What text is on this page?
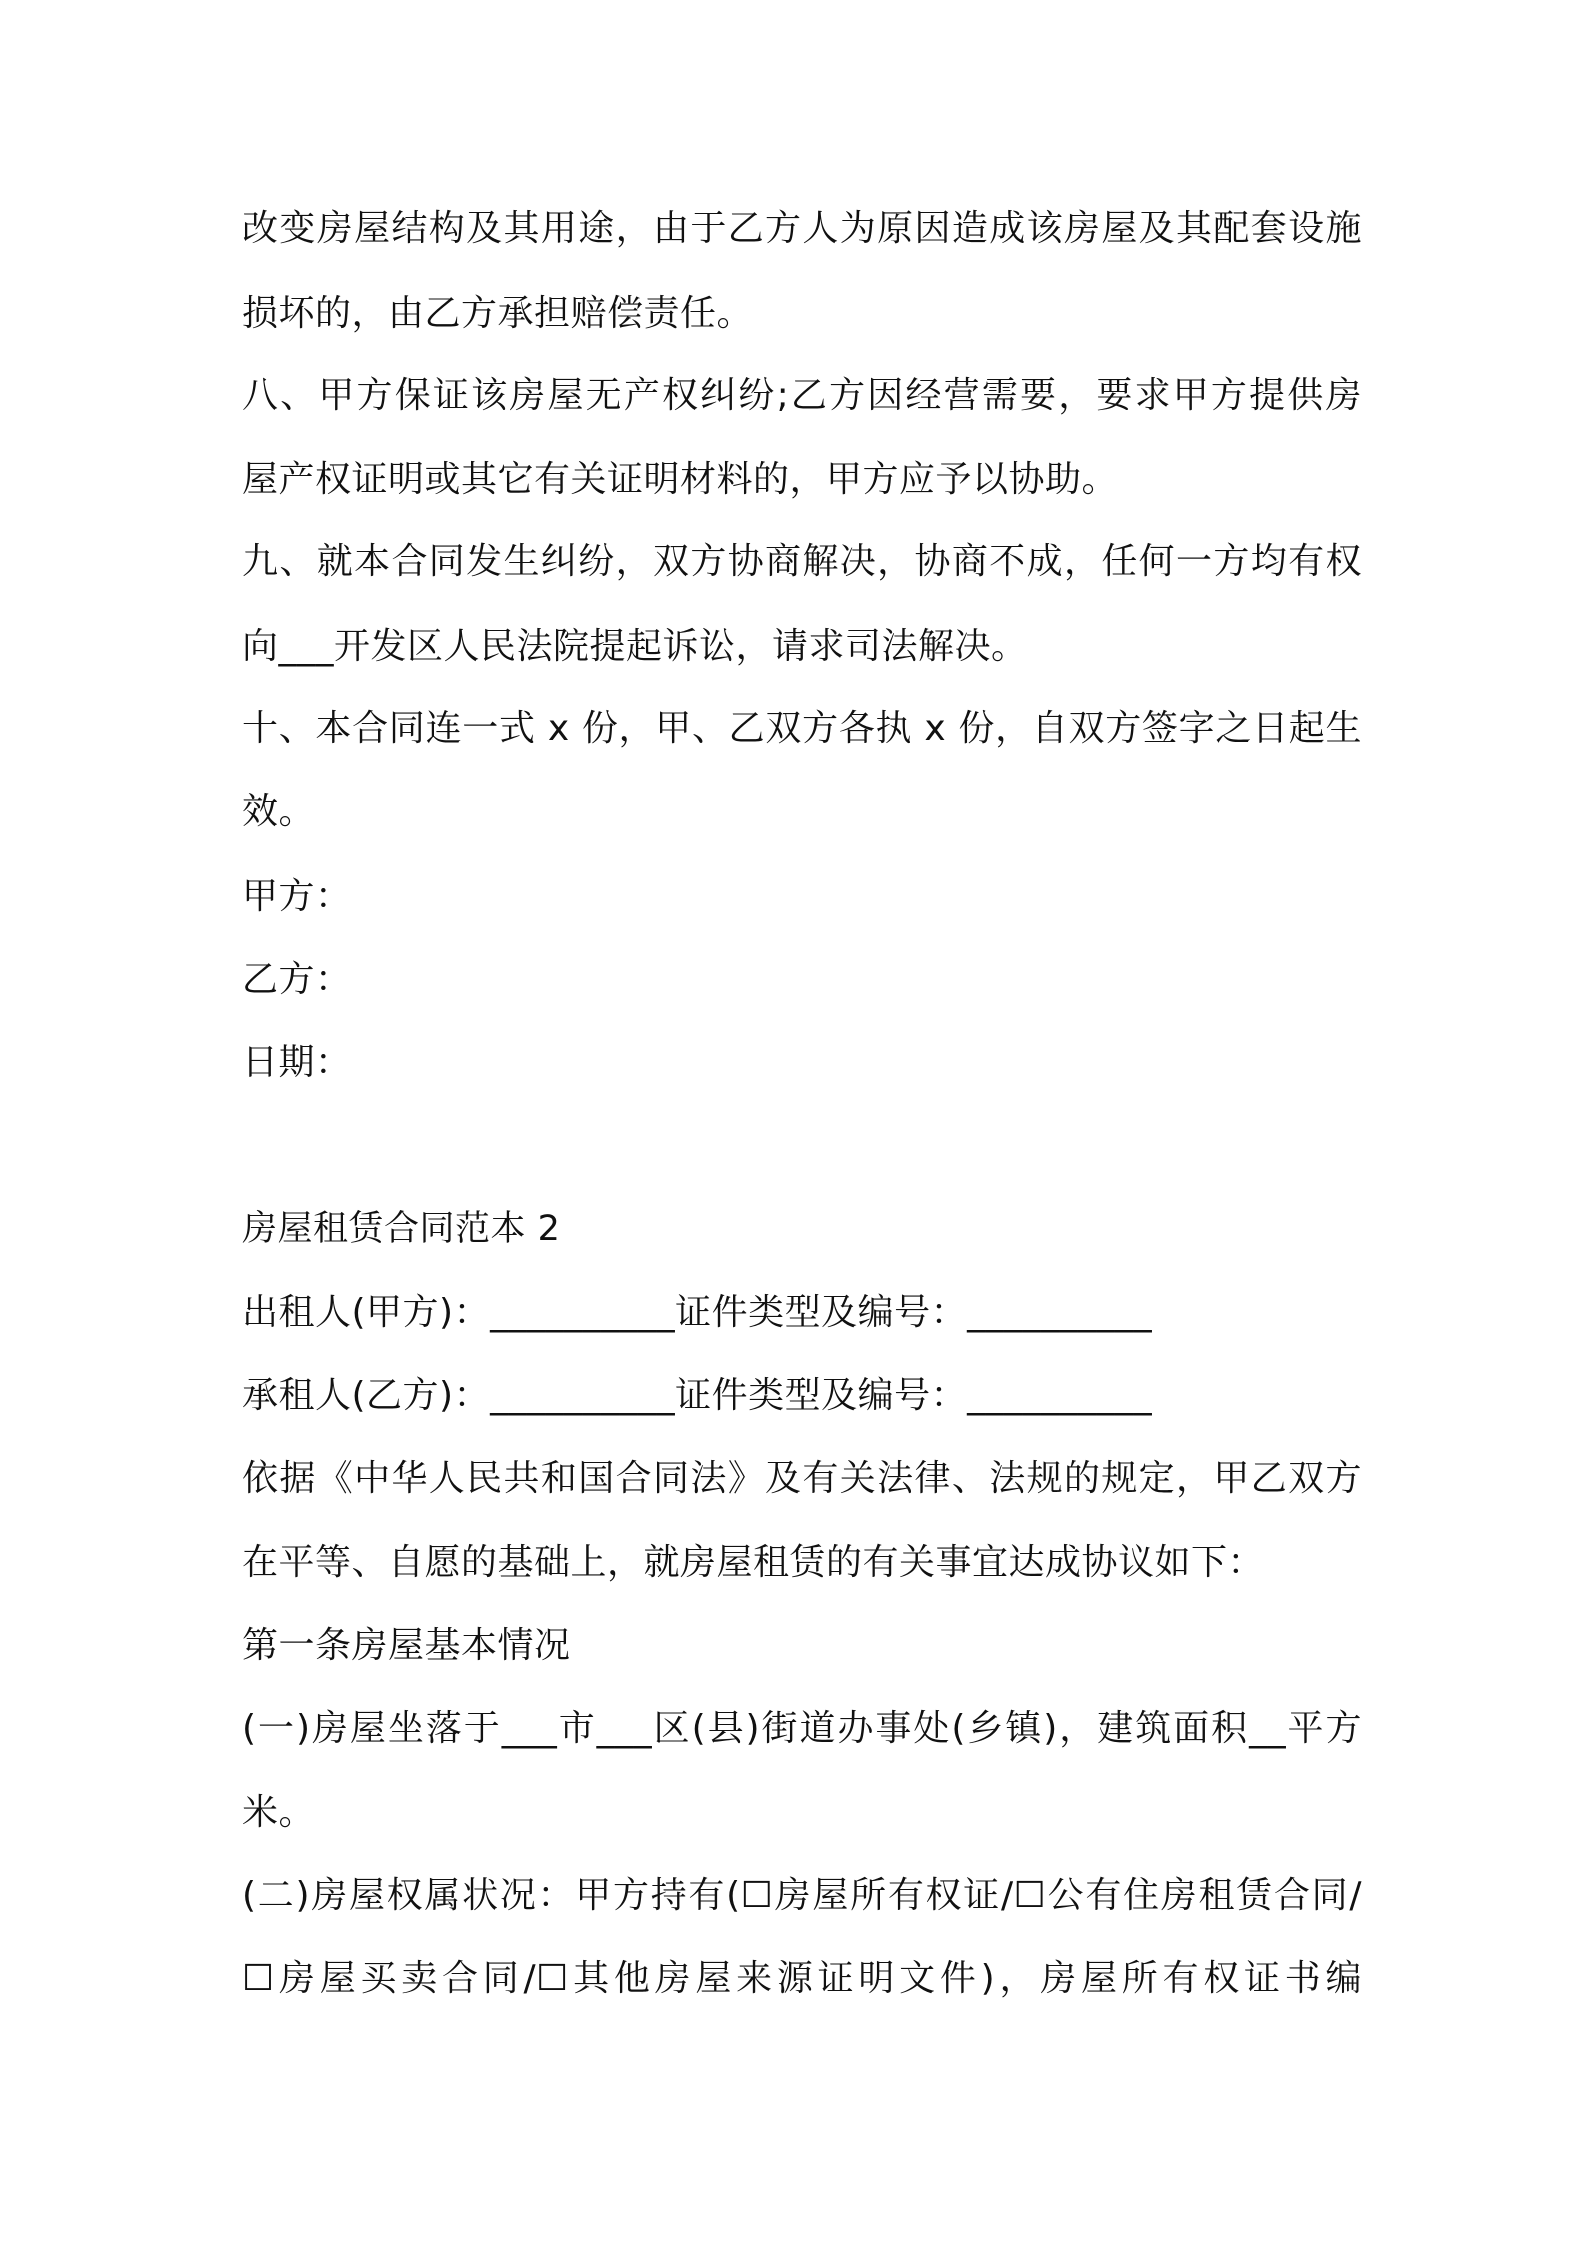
改变房屋结构及其用途，由于乙方人为原因造成该房屋及其配套设施
损坏的，由乙方承担赔偿责任。
八、甲方保证该房屋无产权纠纷;乙方因经营需要，要求甲方提供房
屋产权证明或其它有关证明材料的，甲方应予以协助。
九、就本合同发生纠纷，双方协商解决，协商不成，任何一方均有权
向___开发区人民法院提起诉讼，请求司法解决。
十、本合同连一式 x 份，甲、乙双方各执 x 份，自双方签字之日起生
效。
甲方：
乙方：
日期：
房屋租赁合同范本 2
出租人(甲方)：__________证件类型及编号：__________
承租人(乙方)：__________证件类型及编号：__________
依据《中华人民共和国合同法》及有关法律、法规的规定，甲乙双方
在平等、自愿的基础上，就房屋租赁的有关事宜达成协议如下：
第一条房屋基本情况
(一)房屋坐落于___市___区(县)街道办事处(乡镇)，建筑面积__平方
米。
(二)房屋权属状况：甲方持有(☐房屋所有权证/☐公有住房租赁合同/
☐房屋买卖合同/☐其他房屋来源证明文件)，房屋所有权证书编
